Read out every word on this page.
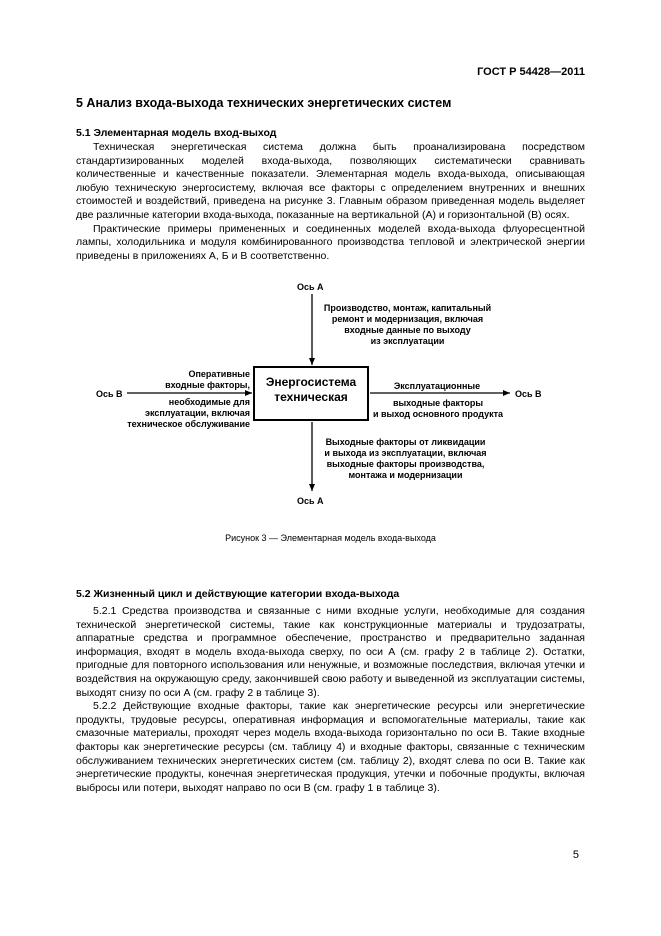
ГОСТ Р 54428—2011
5 Анализ входа-выхода технических энергетических систем
5.1 Элементарная модель вход-выход

Техническая энергетическая система должна быть проанализирована посредством стандартизированных моделей входа-выхода, позволяющих систематически сравнивать количественные и качественные показатели. Элементарная модель входа-выхода, описывающая любую техническую энергосистему, включая все факторы с определением внутренних и внешних стоимостей и воздействий, приведена на рисунке 3. Главным образом приведенная модель выделяет две различные категории входа-выхода, показанные на вертикальной (А) и горизонтальной (В) осях.

Практические примеры примененных и соединенных моделей входа-выхода флуоресцентной лампы, холодильника и модуля комбинированного производства тепловой и электрической энергии приведены в приложениях А, Б и В соответственно.

Энергосистема
техническая
Ось А
Ось А
Ось В	Ось В
Производство, монтаж, капитальный
ремонт и модернизация, включая
входные данные по выходу
из эксплуатации
Оперативные
входные факторы,
необходимые для
эксплуатации, включая
техническое обслуживание
Эксплуатационные
выходные факторы
и выход основного продукта
Выходные факторы от ликвидации
и выхода из эксплуатации, включая
выходные факторы производства,
монтажа и модернизации
Рисунок 3 — Элементарная модель входа-выхода
5.2 Жизненный цикл и действующие категории входа-выхода

5.2.1 Средства производства и связанные с ними входные услуги, необходимые для создания технической энергетической системы, такие как конструкционные материалы и трудозатраты, аппаратные средства и программное обеспечение, пространство и предварительно заданная информация, входят в модель входа-выхода сверху, по оси А (см. графу 2 в таблице 2). Остатки, пригодные для повторного использования или ненужные, и возможные последствия, включая утечки и воздействия на окружающую среду, закончившей свою работу и выведенной из эксплуатации системы, выходят снизу по оси А (см. графу 2 в таблице 3).

5.2.2 Действующие входные факторы, такие как энергетические ресурсы или энергетические продукты, трудовые ресурсы, оперативная информация и вспомогательные материалы, такие как смазочные материалы, проходят через модель входа-выхода горизонтально по оси В. Такие входные факторы как энергетические ресурсы (см. таблицу 4) и входные факторы, связанные с техническим обслуживанием технических энергетических систем (см. таблицу 2), входят слева по оси В. Такие как энергетические продукты, конечная энергетическая продукция, утечки и побочные продукты, включая выбросы или потери, выходят направо по оси В (см. графу 1 в таблице 3).

5
